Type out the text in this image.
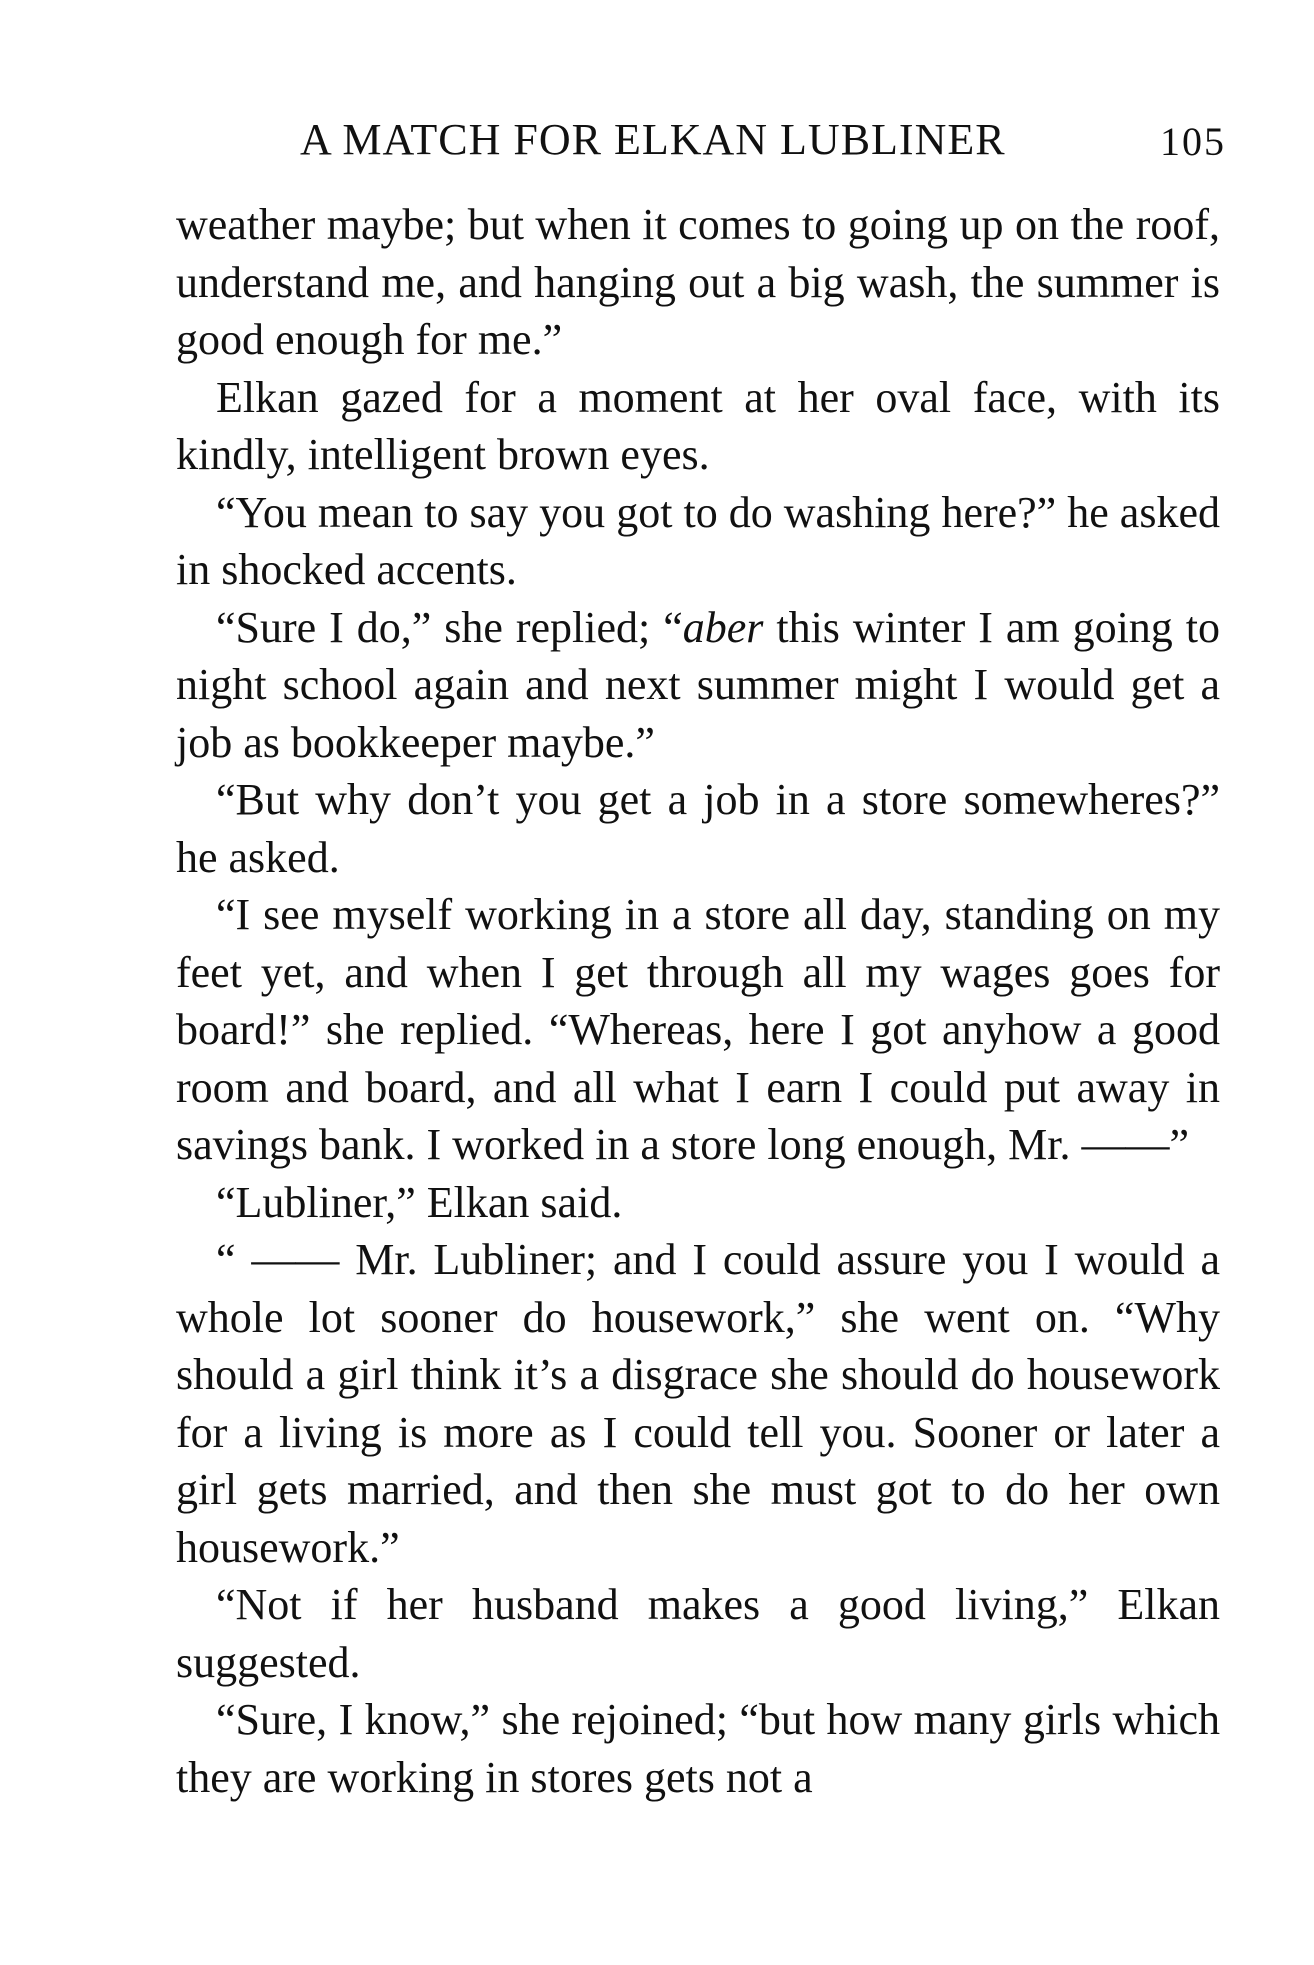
A MATCH FOR ELKAN LUBLINER	105

weather maybe; but when it comes to going up on the roof, understand me, and hanging out a big wash, the summer is good enough for me.”

Elkan gazed for a moment at her oval face, with its kindly, intelligent brown eyes.

“You mean to say you got to do washing here?” he asked in shocked accents.

“Sure I do,” she replied; “aber this winter I am going to night school again and next summer might I would get a job as bookkeeper maybe.”

“But why don’t you get a job in a store somewheres?” he asked.

“I see myself working in a store all day, standing on my feet yet, and when I get through all my wages goes for board!” she replied. “Whereas, here I got anyhow a good room and board, and all what I earn I could put away in savings bank. I worked in a store long enough, Mr. ——”

“Lubliner,” Elkan said.

“ —— Mr. Lubliner; and I could assure you I would a whole lot sooner do housework,” she went on. “Why should a girl think it’s a disgrace she should do housework for a living is more as I could tell you. Sooner or later a girl gets married, and then she must got to do her own housework.”

“Not if her husband makes a good living,” Elkan suggested.

“Sure, I know,” she rejoined; “but how many girls which they are working in stores gets not a
